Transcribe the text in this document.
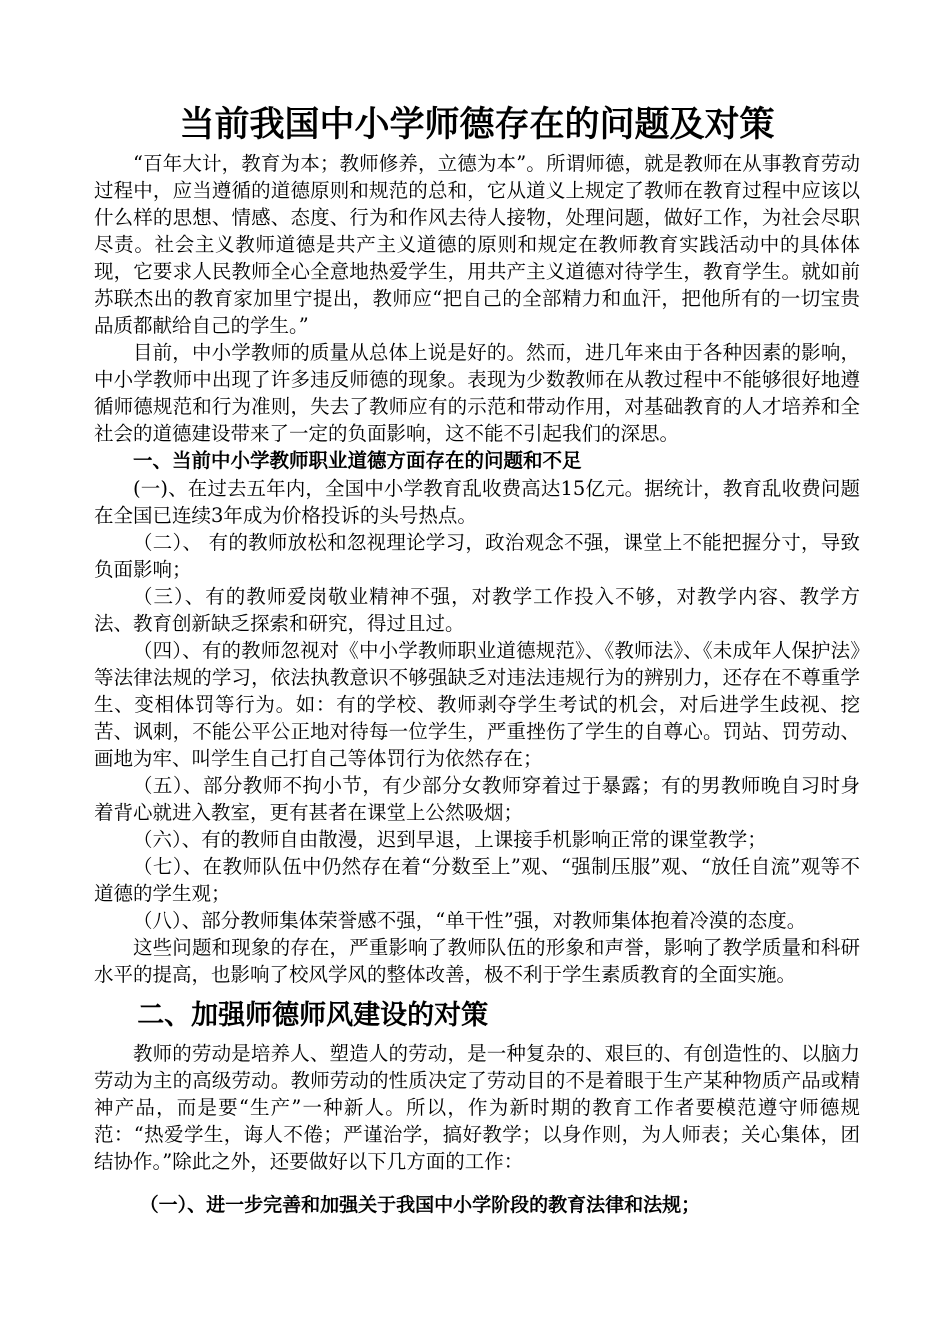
当前我国中小学师德存在的问题及对策

“百年大计，教育为本；教师修养，立德为本”。所谓师德，就是教师在从事教育劳动过程中，应当遵循的道德原则和规范的总和，它从道义上规定了教师在教育过程中应该以什么样的思想、情感、态度、行为和作风去待人接物，处理问题，做好工作，为社会尽职尽责。社会主义教师道德是共产主义道德的原则和规定在教师教育实践活动中的具体体现，它要求人民教师全心全意地热爱学生，用共产主义道德对待学生，教育学生。就如前苏联杰出的教育家加里宁提出，教师应“把自己的全部精力和血汗，把他所有的一切宝贵品质都献给自己的学生。”

目前，中小学教师的质量从总体上说是好的。然而，进几年来由于各种因素的影响，中小学教师中出现了许多违反师德的现象。表现为少数教师在从教过程中不能够很好地遵循师德规范和行为准则，失去了教师应有的示范和带动作用，对基础教育的人才培养和全社会的道德建设带来了一定的负面影响，这不能不引起我们的深思。

一、当前中小学教师职业道德方面存在的问题和不足

(一)、在过去五年内，全国中小学教育乱收费高达15亿元。据统计，教育乱收费问题在全国已连续3年成为价格投诉的头号热点。

（二）、 有的教师放松和忽视理论学习，政治观念不强，课堂上不能把握分寸，导致负面影响；

（三）、有的教师爱岗敬业精神不强，对教学工作投入不够，对教学内容、教学方法、教育创新缺乏探索和研究，得过且过。

（四）、有的教师忽视对《中小学教师职业道德规范》、《教师法》、《未成年人保护法》等法律法规的学习，依法执教意识不够强缺乏对违法违规行为的辨别力，还存在不尊重学生、变相体罚等行为。如：有的学校、教师剥夺学生考试的机会，对后进学生歧视、挖苦、讽刺，不能公平公正地对待每一位学生，严重挫伤了学生的自尊心。罚站、罚劳动、画地为牢、叫学生自己打自己等体罚行为依然存在；

（五）、部分教师不拘小节，有少部分女教师穿着过于暴露；有的男教师晚自习时身着背心就进入教室，更有甚者在课堂上公然吸烟；

（六）、有的教师自由散漫，迟到早退，上课接手机影响正常的课堂教学；

（七）、在教师队伍中仍然存在着“分数至上”观、“强制压服”观、“放任自流”观等不道德的学生观；

（八）、部分教师集体荣誉感不强，“单干性”强，对教师集体抱着冷漠的态度。

这些问题和现象的存在，严重影响了教师队伍的形象和声誉，影响了教学质量和科研水平的提高，也影响了校风学风的整体改善，极不利于学生素质教育的全面实施。

二、加强师德师风建设的对策

教师的劳动是培养人、塑造人的劳动，是一种复杂的、艰巨的、有创造性的、以脑力劳动为主的高级劳动。教师劳动的性质决定了劳动目的不是着眼于生产某种物质产品或精神产品，而是要“生产”一种新人。所以，作为新时期的教育工作者要模范遵守师德规范：“热爱学生，诲人不倦；严谨治学，搞好教学；以身作则，为人师表；关心集体，团结协作。”除此之外，还要做好以下几方面的工作：

（一）、进一步完善和加强关于我国中小学阶段的教育法律和法规；
